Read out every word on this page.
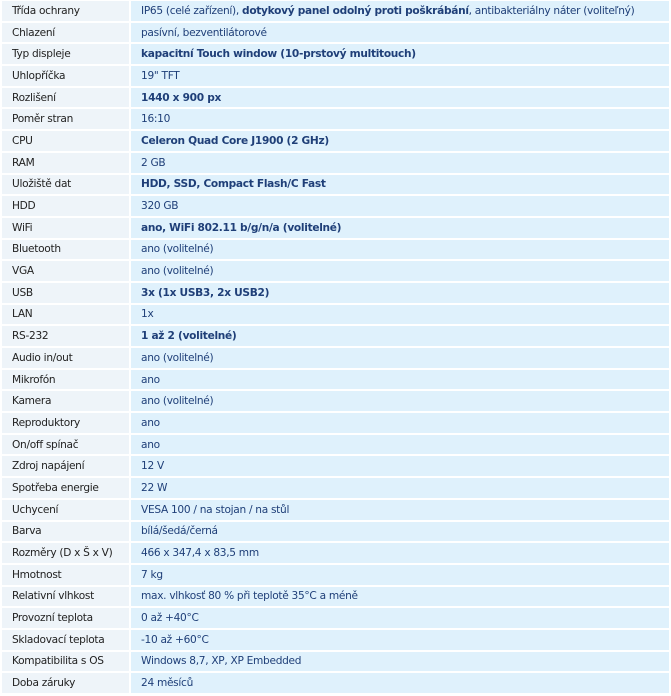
Třída ochrany	IP65 (celé zařízení), dotykový panel odolný proti poškrábání, antibakteriálny náter (voliteľný)
Chlazení	pasívní, bezventilátorové
Typ displeje	kapacitní Touch window (10-prstový multitouch)
Uhlopříčka	19" TFT
Rozlišení	1440 x 900 px
Poměr stran	16:10
CPU	Celeron Quad Core J1900 (2 GHz)
RAM	2 GB
Uložiště dat	HDD, SSD, Compact Flash/C Fast
HDD	320 GB
WiFi	ano, WiFi 802.11 b/g/n/a (volitelné)
Bluetooth	ano (volitelné)
VGA	ano (volitelné)
USB	3x (1x USB3, 2x USB2)
LAN	1x
RS-232	1 až 2 (volitelné)
Audio in/out	ano (volitelné)
Mikrofón	ano
Kamera	ano (volitelné)
Reproduktory	ano
On/off spínač	ano
Zdroj napájení	12 V
Spotřeba energie	22 W
Uchycení	VESA 100 / na stojan / na stůl
Barva	bílá/šedá/černá
Rozměry (D x Š x V)	466 x 347,4 x 83,5 mm
Hmotnost	7 kg
Relativní vlhkost	max. vlhkosť 80 % při teplotě 35°C a méně
Provozní teplota	0 až +40°C
Skladovací teplota	-10 až +60°C
Kompatibilita s OS	Windows 8,7, XP, XP Embedded
Doba záruky	24 měsíců
